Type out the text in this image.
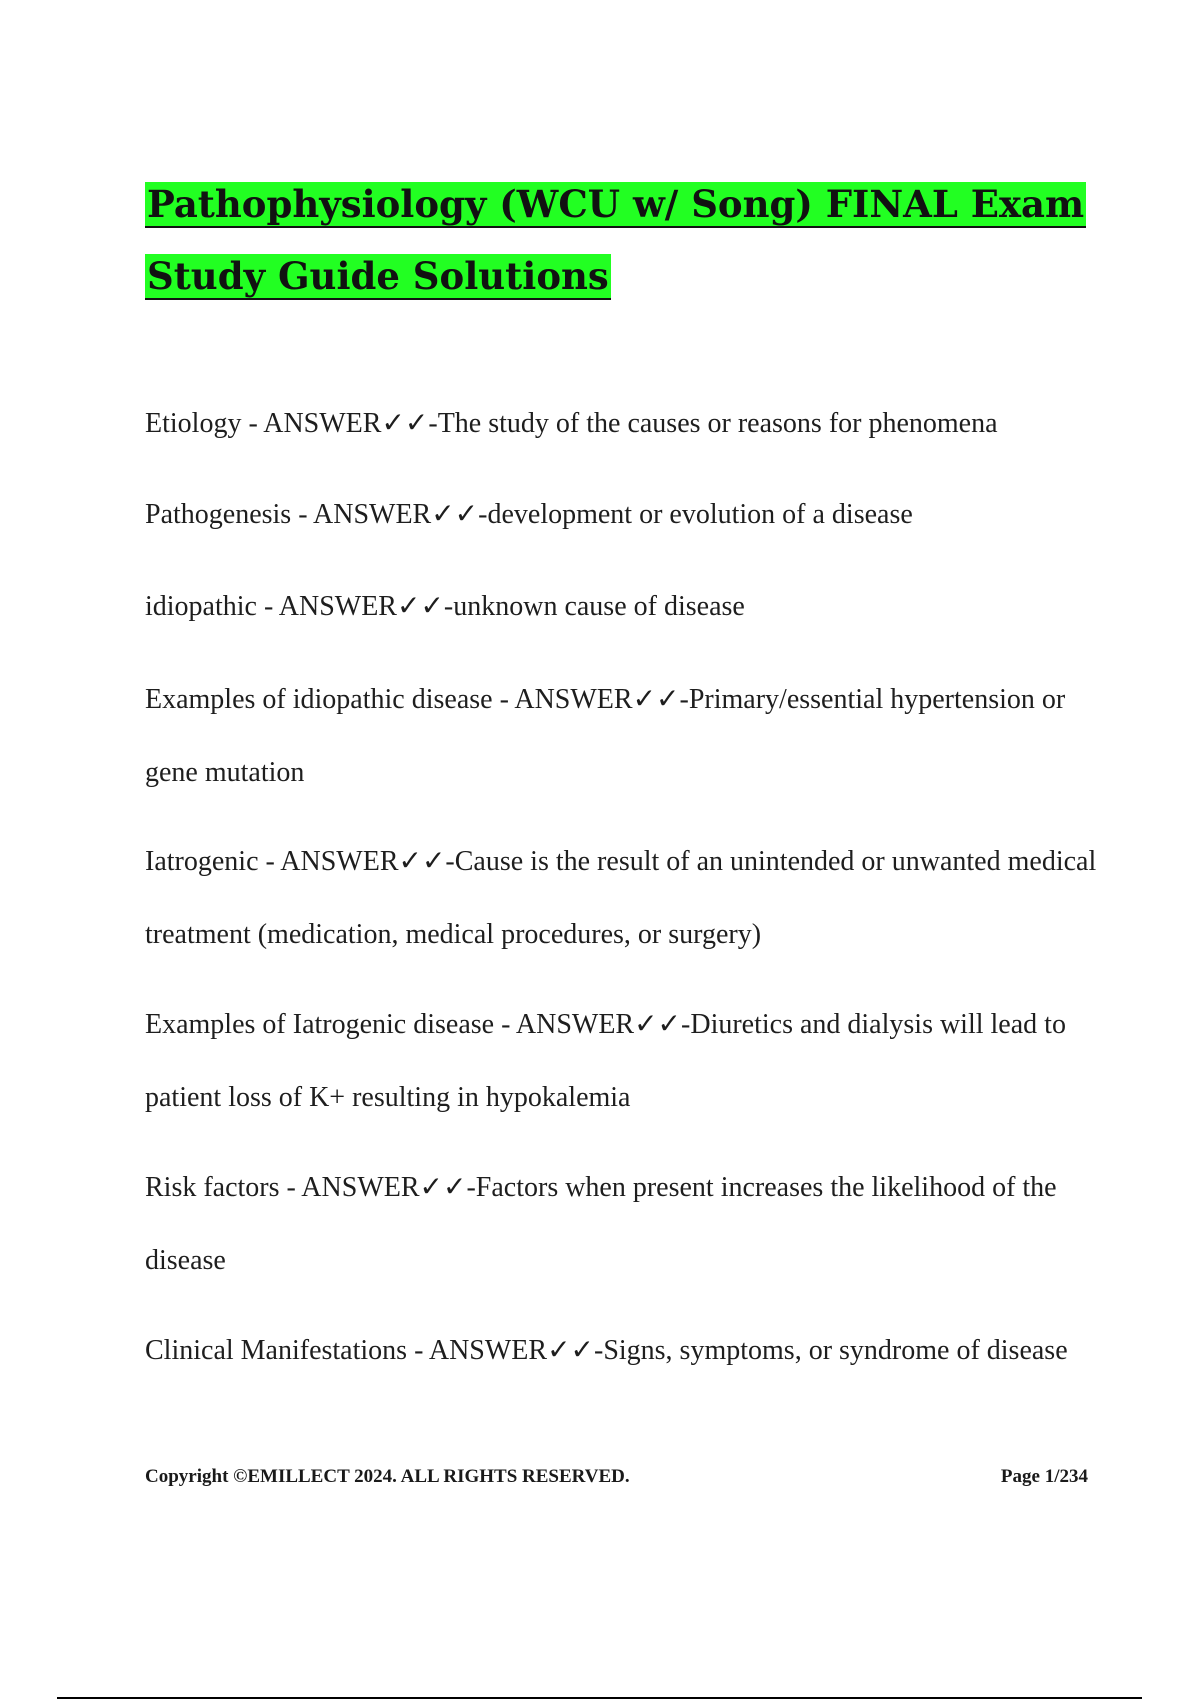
Pathophysiology (WCU w/ Song) FINAL Exam Study Guide Solutions

Etiology - ANSWER✓✓-The study of the causes or reasons for phenomena

Pathogenesis - ANSWER✓✓-development or evolution of a disease

idiopathic - ANSWER✓✓-unknown cause of disease

Examples of idiopathic disease - ANSWER✓✓-Primary/essential hypertension or gene mutation

Iatrogenic - ANSWER✓✓-Cause is the result of an unintended or unwanted medical treatment (medication, medical procedures, or surgery)

Examples of Iatrogenic disease - ANSWER✓✓-Diuretics and dialysis will lead to patient loss of K+ resulting in hypokalemia

Risk factors - ANSWER✓✓-Factors when present increases the likelihood of the disease

Clinical Manifestations - ANSWER✓✓-Signs, symptoms, or syndrome of disease

Copyright ©EMILLECT 2024. ALL RIGHTS RESERVED.	Page 1/234
